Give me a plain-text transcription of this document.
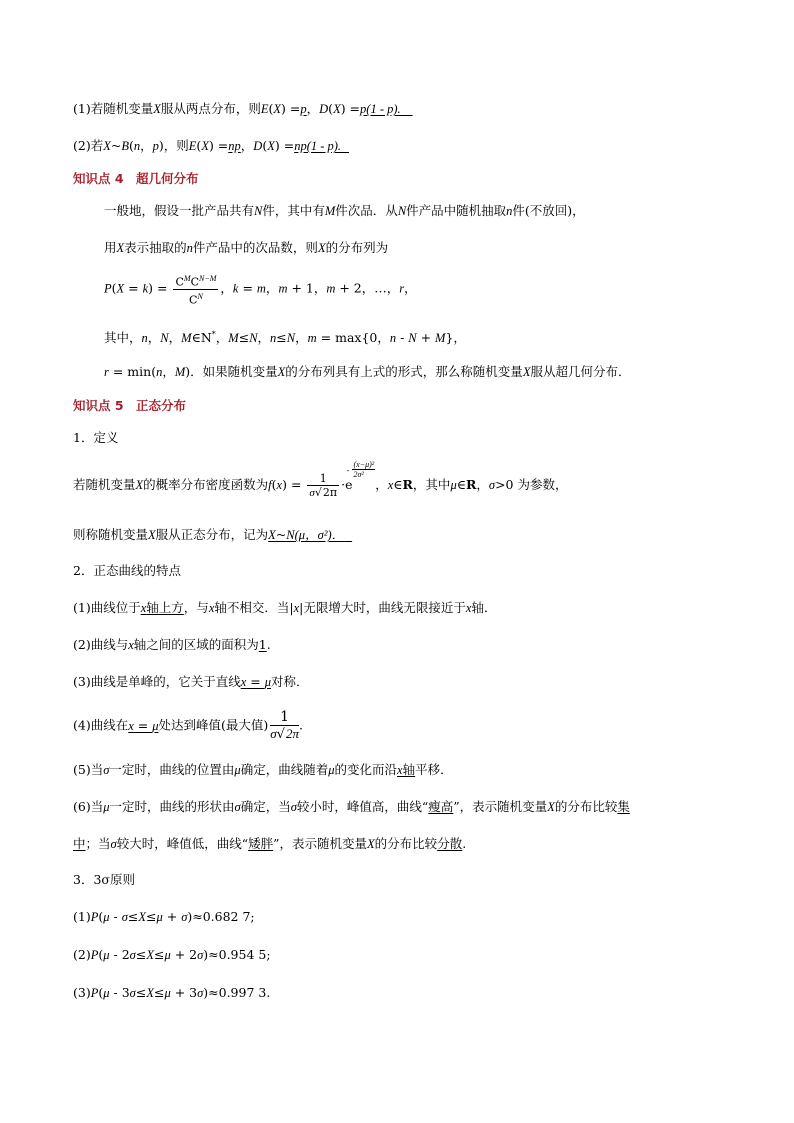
(1)若随机变量X服从两点分布，则E(X) =p，D(X) =p(1 - p).
(2)若X~B(n，p)，则E(X) =np，D(X) =np(1 - p).
知识点 4　超几何分布
一般地，假设一批产品共有N件，其中有M件次品．从N件产品中随机抽取n件(不放回)，
用X表示抽取的n件产品中的次品数，则X的分布列为
$P(X = k) = \frac{C^MC^{N-M}}{C^N}$ ，k = m，m + 1，m + 2，…，r，
其中，n，N，M∈N*，M≤N，n≤N，m = max{0，n - N + M}，
r = min(n，M)．如果随机变量X的分布列具有上式的形式，那么称随机变量X服从超几何分布．
知识点 5　正态分布
1．定义
若随机变量X的概率分布密度函数为$f(x) = \frac{1}{\sigma√2\pi} \cdot e$
-
(x−μ)²
2σ²
，x∈R，其中μ∈R，σ>0 为参数，
则称随机变量X服从正态分布，记为X~N(μ，σ²)．
2．正态曲线的特点
(1)曲线位于x轴上方，与x轴不相交．当|x|无限增大时，曲线无限接近于x轴．
(2)曲线与x轴之间的区域的面积为1.
(3)曲线是单峰的，它关于直线x = μ对称．
(4)曲线在x = μ处达到峰值(最大值) $\frac{1}{\sigma√2\pi}$ .
(5)当σ一定时，曲线的位置由μ确定，曲线随着μ的变化而沿x轴平移．
(6)当μ一定时，曲线的形状由σ确定，当σ较小时，峰值高，曲线“瘦高”，表示随机变量X的分布比较集
中；当σ较大时，峰值低，曲线“矮胖”，表示随机变量X的分布比较分散.
3．3σ原则
(1)P(μ - σ≤X≤μ + σ)≈0.682 7;
(2)P(μ - 2σ≤X≤μ + 2σ)≈0.954 5;
(3)P(μ - 3σ≤X≤μ + 3σ)≈0.997 3.
